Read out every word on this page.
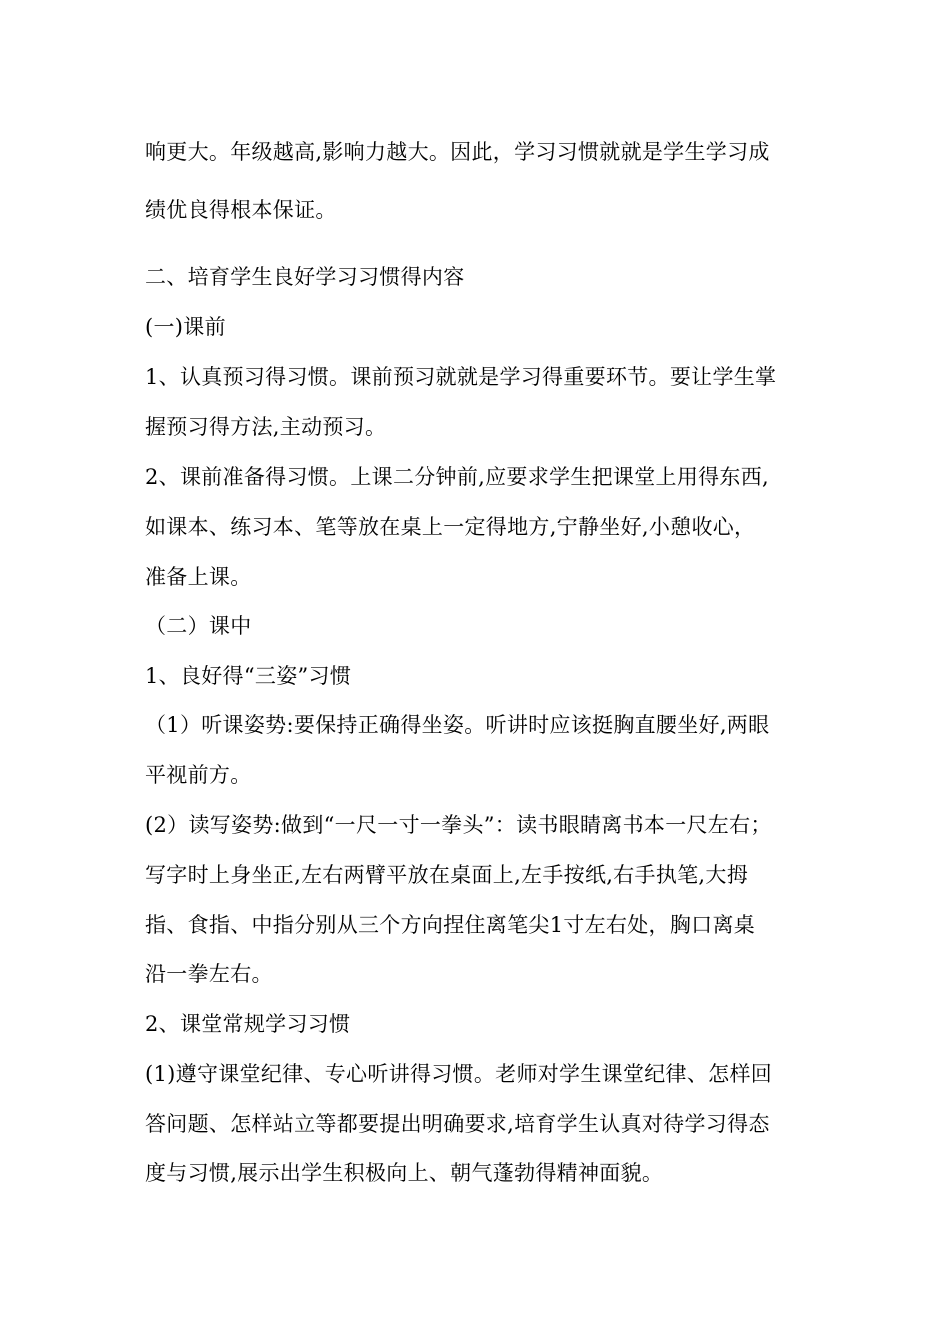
响更大。年级越高,影响力越大。因此，学习习惯就就是学生学习成
绩优良得根本保证。
二、培育学生良好学习习惯得内容
(一)课前
1、认真预习得习惯。课前预习就就是学习得重要环节。要让学生掌
握预习得方法,主动预习。
2、课前准备得习惯。上课二分钟前,应要求学生把课堂上用得东西,
如课本、练习本、笔等放在桌上一定得地方,宁静坐好,小憩收心，
准备上课。
（二）课中
1、良好得“三姿”习惯
（1）听课姿势:要保持正确得坐姿。听讲时应该挺胸直腰坐好,两眼
平视前方。
(2）读写姿势:做到“一尺一寸一拳头”：读书眼睛离书本一尺左右；
写字时上身坐正,左右两臂平放在桌面上,左手按纸,右手执笔,大拇
指、食指、中指分别从三个方向捏住离笔尖1寸左右处，胸口离桌
沿一拳左右。
2、课堂常规学习习惯
(1)遵守课堂纪律、专心听讲得习惯。老师对学生课堂纪律、怎样回
答问题、怎样站立等都要提出明确要求,培育学生认真对待学习得态
度与习惯,展示出学生积极向上、朝气蓬勃得精神面貌。
